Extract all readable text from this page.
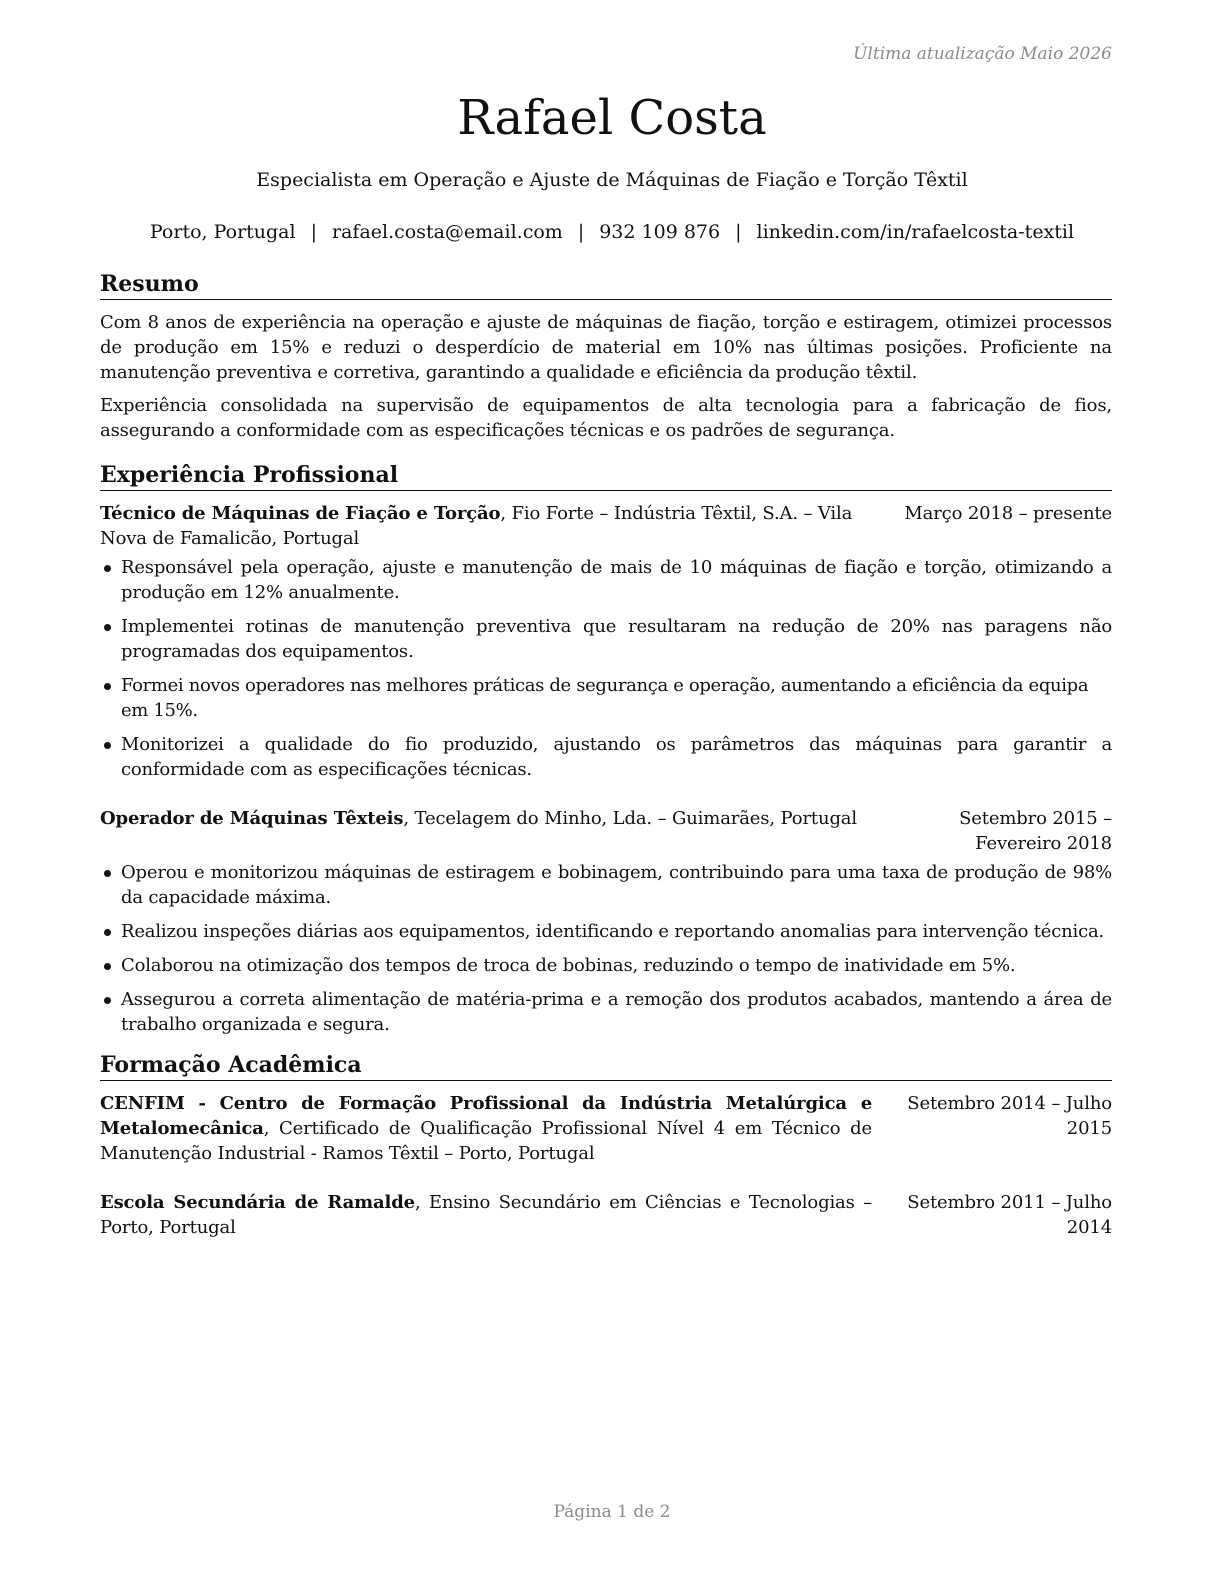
Última atualização Maio 2026
Rafael Costa
Especialista em Operação e Ajuste de Máquinas de Fiação e Torção Têxtil
Porto, Portugal | rafael.costa@email.com | 932 109 876 | linkedin.com/in/rafaelcosta-textil
Resumo

Com 8 anos de experiência na operação e ajuste de máquinas de fiação, torção e estiragem, otimizei processos de produção em 15% e reduzi o desperdício de material em 10% nas últimas posições. Proficiente na manutenção preventiva e corretiva, garantindo a qualidade e eficiência da produção têxtil.

Experiência consolidada na supervisão de equipamentos de alta tecnologia para a fabricação de fios, assegurando a conformidade com as especificações técnicas e os padrões de segurança.

Experiência Profissional
Técnico de Máquinas de Fiação e Torção, Fio Forte – Indústria Têxtil, S.A. – Vila Nova de Famalicão, Portugal
Março 2018 – presente
Responsável pela operação, ajuste e manutenção de mais de 10 máquinas de fiação e torção, otimizando a produção em 12% anualmente.
Implementei rotinas de manutenção preventiva que resultaram na redução de 20% nas paragens não programadas dos equipamentos.
Formei novos operadores nas melhores práticas de segurança e operação, aumentando a eficiência da equipa em 15%.
Monitorizei a qualidade do fio produzido, ajustando os parâmetros das máquinas para garantir a conformidade com as especificações técnicas.
Operador de Máquinas Têxteis, Tecelagem do Minho, Lda. – Guimarães, Portugal	Setembro 2015 – Fevereiro 2018
Operou e monitorizou máquinas de estiragem e bobinagem, contribuindo para uma taxa de produção de 98% da capacidade máxima.
Realizou inspeções diárias aos equipamentos, identificando e reportando anomalias para intervenção técnica.
Colaborou na otimização dos tempos de troca de bobinas, reduzindo o tempo de inatividade em 5%.
Assegurou a correta alimentação de matéria-prima e a remoção dos produtos acabados, mantendo a área de trabalho organizada e segura.
Formação Acadêmica
CENFIM - Centro de Formação Profissional da Indústria Metalúrgica e Metalomecânica, Certificado de Qualificação Profissional Nível 4 em Técnico de Manutenção Industrial - Ramos Têxtil – Porto, Portugal
Setembro 2014 – Julho 2015
Escola Secundária de Ramalde, Ensino Secundário em Ciências e Tecnologias – Porto, Portugal
Setembro 2011 – Julho 2014
Página 1 de 2
